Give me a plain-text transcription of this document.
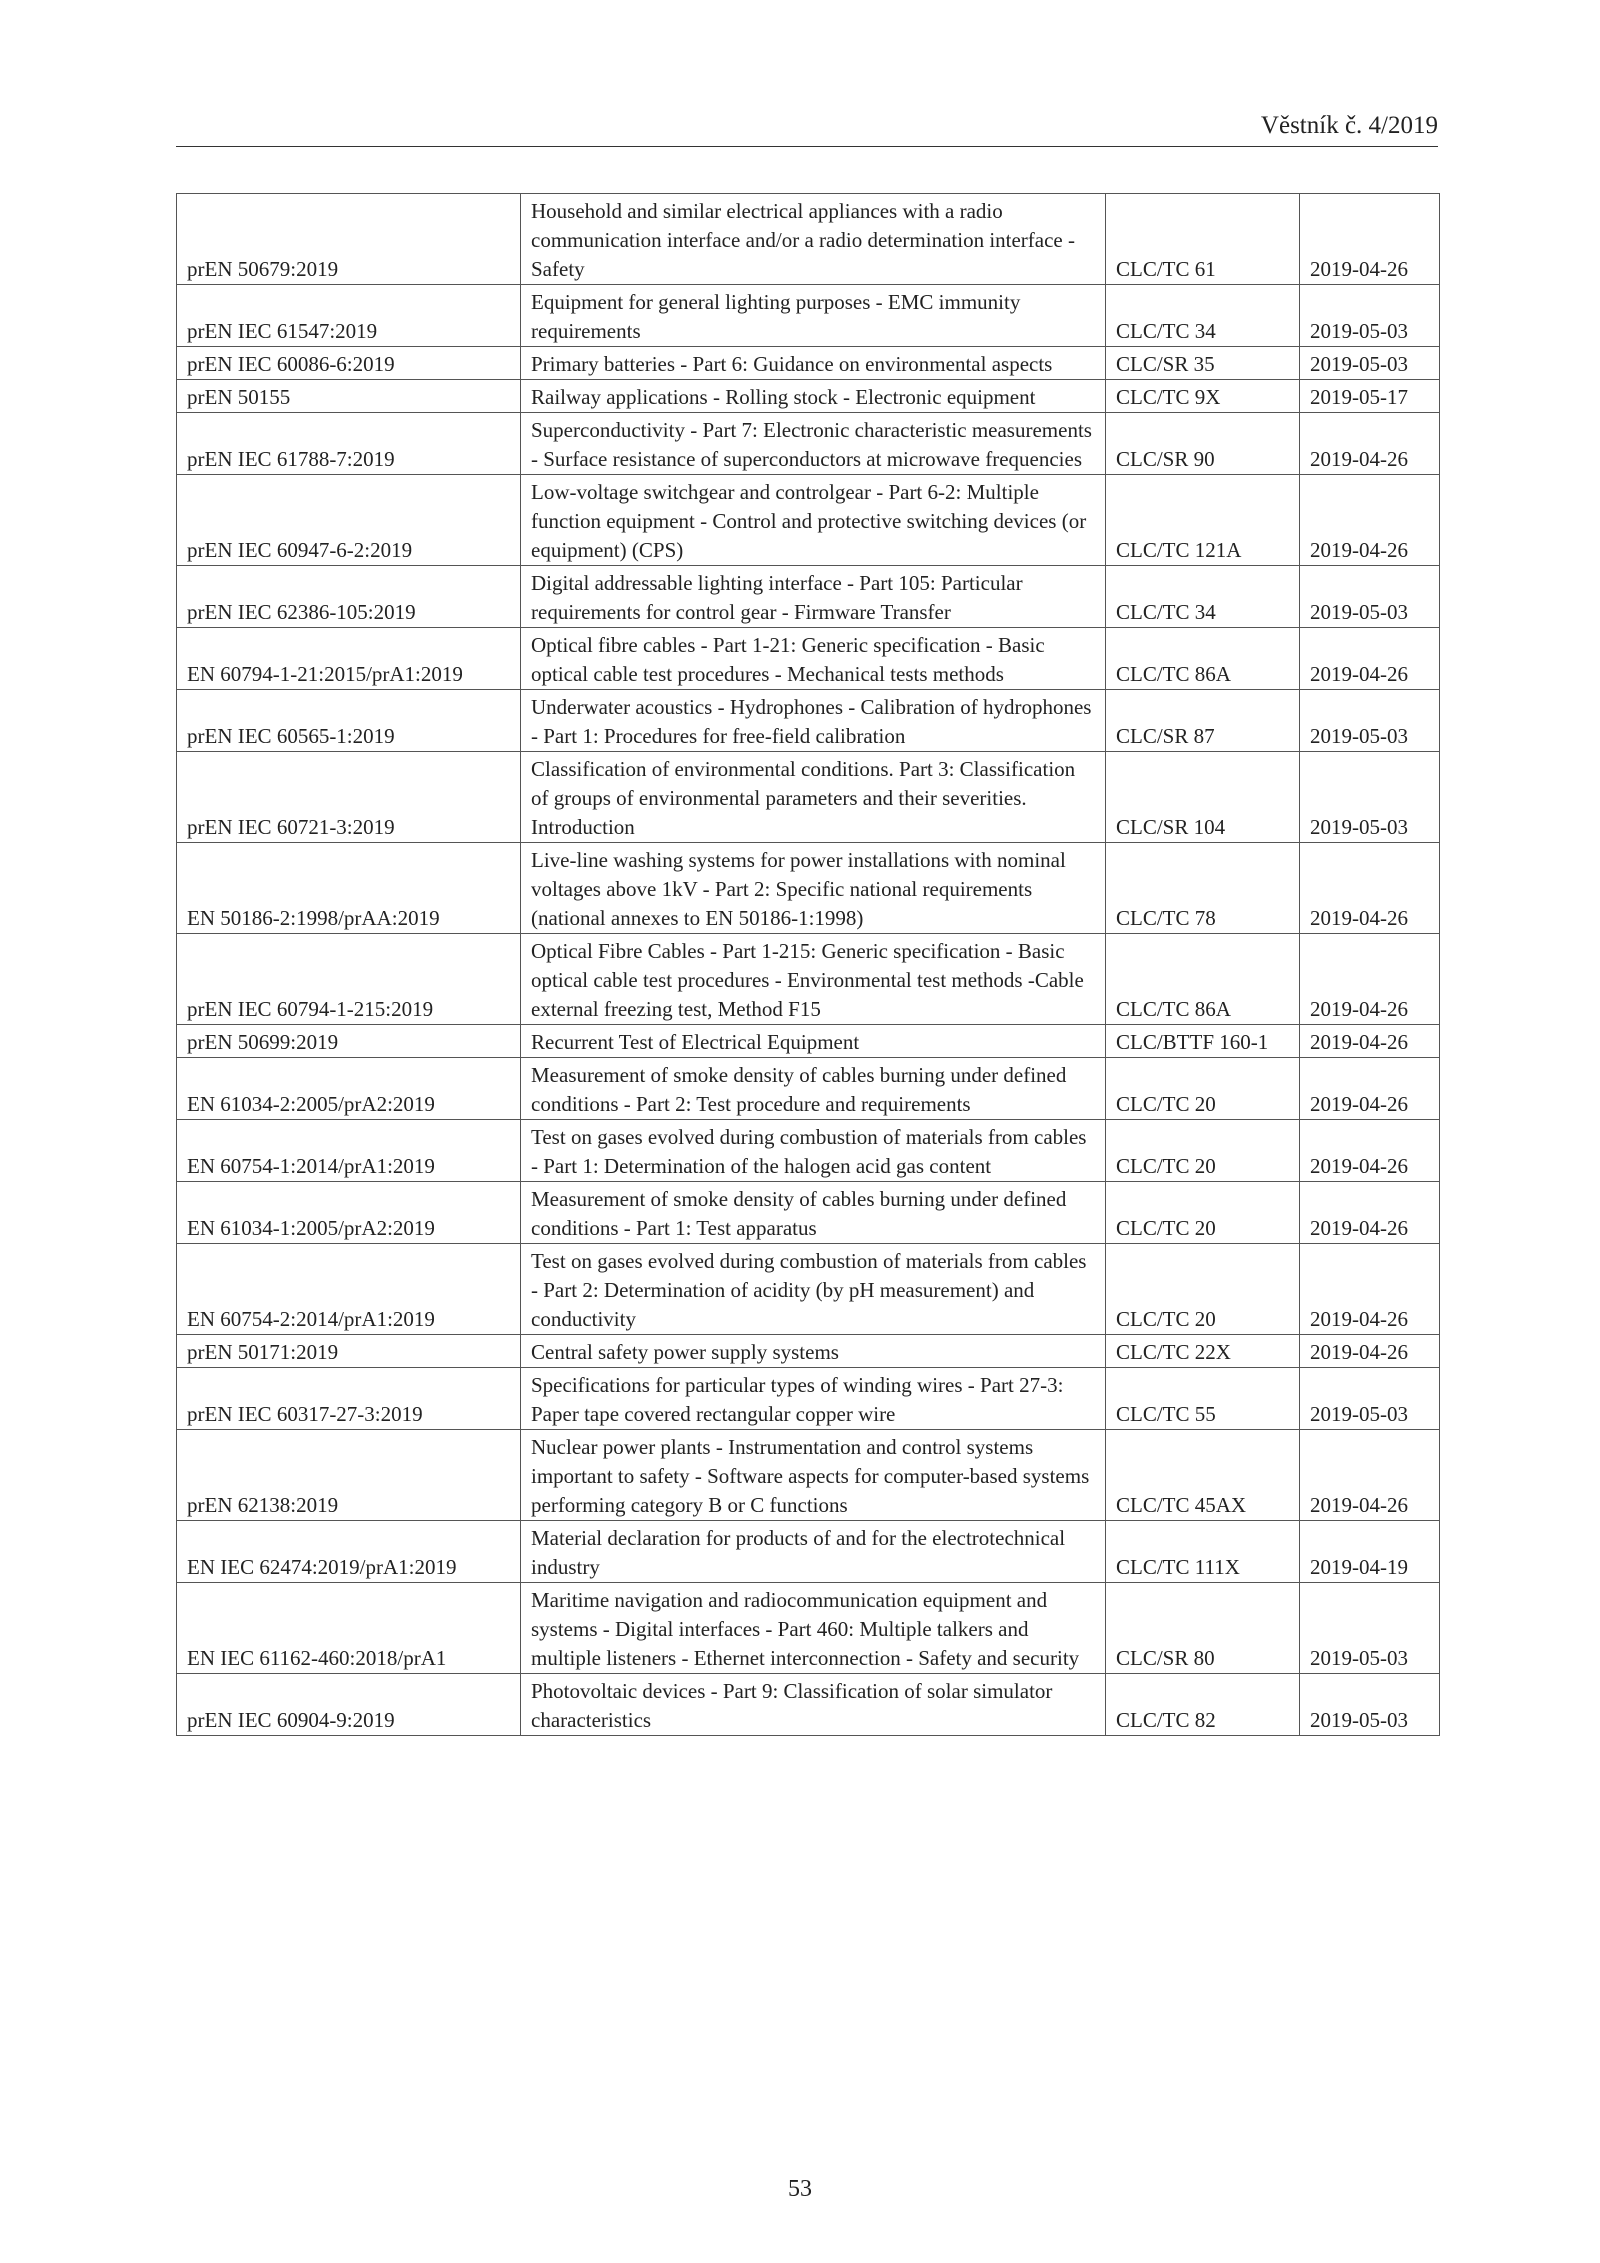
Věstník č. 4/2019
prEN 50679:2019	Household and similar electrical appliances with a radio communication interface and/or a radio determination interface - Safety	CLC/TC 61	2019-04-26
prEN IEC 61547:2019	Equipment for general lighting purposes - EMC immunity requirements	CLC/TC 34	2019-05-03
prEN IEC 60086-6:2019	Primary batteries - Part 6: Guidance on environmental aspects	CLC/SR 35	2019-05-03
prEN 50155	Railway applications - Rolling stock - Electronic equipment	CLC/TC 9X	2019-05-17
prEN IEC 61788-7:2019	Superconductivity - Part 7: Electronic characteristic measurements - Surface resistance of superconductors at microwave frequencies	CLC/SR 90	2019-04-26
prEN IEC 60947-6-2:2019	Low-voltage switchgear and controlgear - Part 6-2: Multiple function equipment - Control and protective switching devices (or equipment) (CPS)	CLC/TC 121A	2019-04-26
prEN IEC 62386-105:2019	Digital addressable lighting interface - Part 105: Particular requirements for control gear - Firmware Transfer	CLC/TC 34	2019-05-03
EN 60794-1-21:2015/prA1:2019	Optical fibre cables - Part 1-21: Generic specification - Basic optical cable test procedures - Mechanical tests methods	CLC/TC 86A	2019-04-26
prEN IEC 60565-1:2019	Underwater acoustics - Hydrophones - Calibration of hydrophones - Part 1: Procedures for free-field calibration	CLC/SR 87	2019-05-03
prEN IEC 60721-3:2019	Classification of environmental conditions. Part 3: Classification of groups of environmental parameters and their severities. Introduction	CLC/SR 104	2019-05-03
EN 50186-2:1998/prAA:2019	Live-line washing systems for power installations with nominal voltages above 1kV - Part 2: Specific national requirements (national annexes to EN 50186-1:1998)	CLC/TC 78	2019-04-26
prEN IEC 60794-1-215:2019	Optical Fibre Cables - Part 1-215: Generic specification - Basic optical cable test procedures - Environmental test methods -Cable external freezing test, Method F15	CLC/TC 86A	2019-04-26
prEN 50699:2019	Recurrent Test of Electrical Equipment	CLC/BTTF 160-1	2019-04-26
EN 61034-2:2005/prA2:2019	Measurement of smoke density of cables burning under defined conditions - Part 2: Test procedure and requirements	CLC/TC 20	2019-04-26
EN 60754-1:2014/prA1:2019	Test on gases evolved during combustion of materials from cables - Part 1: Determination of the halogen acid gas content	CLC/TC 20	2019-04-26
EN 61034-1:2005/prA2:2019	Measurement of smoke density of cables burning under defined conditions - Part 1: Test apparatus	CLC/TC 20	2019-04-26
EN 60754-2:2014/prA1:2019	Test on gases evolved during combustion of materials from cables - Part 2: Determination of acidity (by pH measurement) and conductivity	CLC/TC 20	2019-04-26
prEN 50171:2019	Central safety power supply systems	CLC/TC 22X	2019-04-26
prEN IEC 60317-27-3:2019	Specifications for particular types of winding wires - Part 27-3: Paper tape covered rectangular copper wire	CLC/TC 55	2019-05-03
prEN 62138:2019	Nuclear power plants - Instrumentation and control systems important to safety - Software aspects for computer-based systems performing category B or C functions	CLC/TC 45AX	2019-04-26
EN IEC 62474:2019/prA1:2019	Material declaration for products of and for the electrotechnical industry	CLC/TC 111X	2019-04-19
EN IEC 61162-460:2018/prA1	Maritime navigation and radiocommunication equipment and systems - Digital interfaces - Part 460: Multiple talkers and multiple listeners - Ethernet interconnection - Safety and security	CLC/SR 80	2019-05-03
prEN IEC 60904-9:2019	Photovoltaic devices - Part 9: Classification of solar simulator characteristics	CLC/TC 82	2019-05-03
53
